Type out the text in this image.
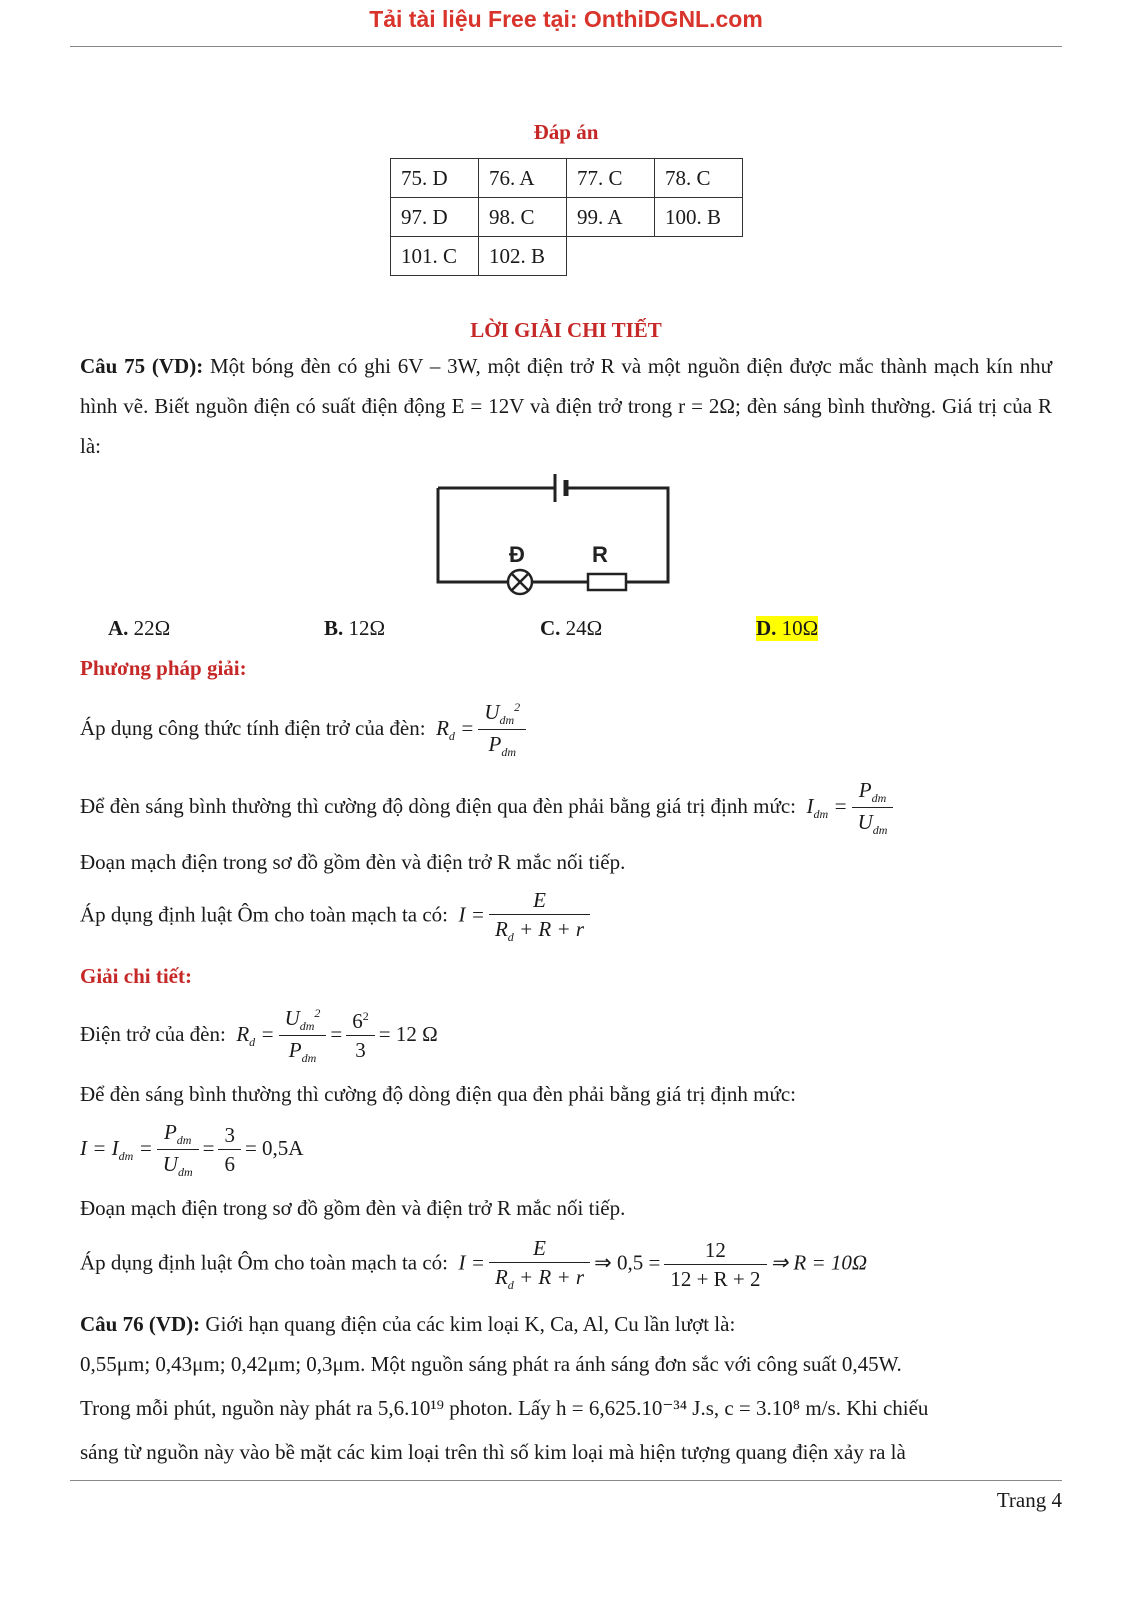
Tải tài liệu Free tại: OnthiDGNL.com
Đáp án
75. D	76. A	77. C	78. C
97. D	98. C	99. A	100. B
101. C	102. B		
LỜI GIẢI CHI TIẾT
Câu 75 (VD): Một bóng đèn có ghi 6V – 3W, một điện trở R và một nguồn điện được mắc thành mạch kín như hình vẽ. Biết nguồn điện có suất điện động E = 12V và điện trở trong r = 2Ω; đèn sáng bình thường. Giá trị của R là:
Đ	R
A. 22Ω	B. 12Ω	C. 24Ω	D. 10Ω
Phương pháp giải:
Áp dụng công thức tính điện trở của đèn:  $R_d = \frac{U_{dm}^2}{P_{dm}}$
Để đèn sáng bình thường thì cường độ dòng điện qua đèn phải bằng giá trị định mức:  $I_{dm} = \frac{P_{dm}}{U_{dm}}$
Đoạn mạch điện trong sơ đồ gồm đèn và điện trở R mắc nối tiếp.
Áp dụng định luật Ôm cho toàn mạch ta có:  $I = \frac{E}{R_d + R + r}$
Giải chi tiết:
Điện trở của đèn:  $R_d = \frac{U_{dm}^2}{P_{dm}} = \frac{6^2}{3} = 12$ Ω
Để đèn sáng bình thường thì cường độ dòng điện qua đèn phải bằng giá trị định mức:
$I = I_{dm} = \frac{P_{dm}}{U_{dm}} = \frac{3}{6} = 0,5A$
Đoạn mạch điện trong sơ đồ gồm đèn và điện trở R mắc nối tiếp.
Áp dụng định luật Ôm cho toàn mạch ta có:  $I = \frac{E}{R_d + R + r}$ ⇒ $0,5 = \frac{12}{12 + R + 2}$ ⇒ R = 10Ω
Câu 76 (VD): Giới hạn quang điện của các kim loại K, Ca, Al, Cu lần lượt là:
0,55μm; 0,43μm; 0,42μm; 0,3μm. Một nguồn sáng phát ra ánh sáng đơn sắc với công suất 0,45W.
Trong mỗi phút, nguồn này phát ra 5,6.10¹⁹ photon. Lấy h = 6,625.10⁻³⁴ J.s, c = 3.10⁸ m/s. Khi chiếu
sáng từ nguồn này vào bề mặt các kim loại trên thì số kim loại mà hiện tượng quang điện xảy ra là
Trang 4
